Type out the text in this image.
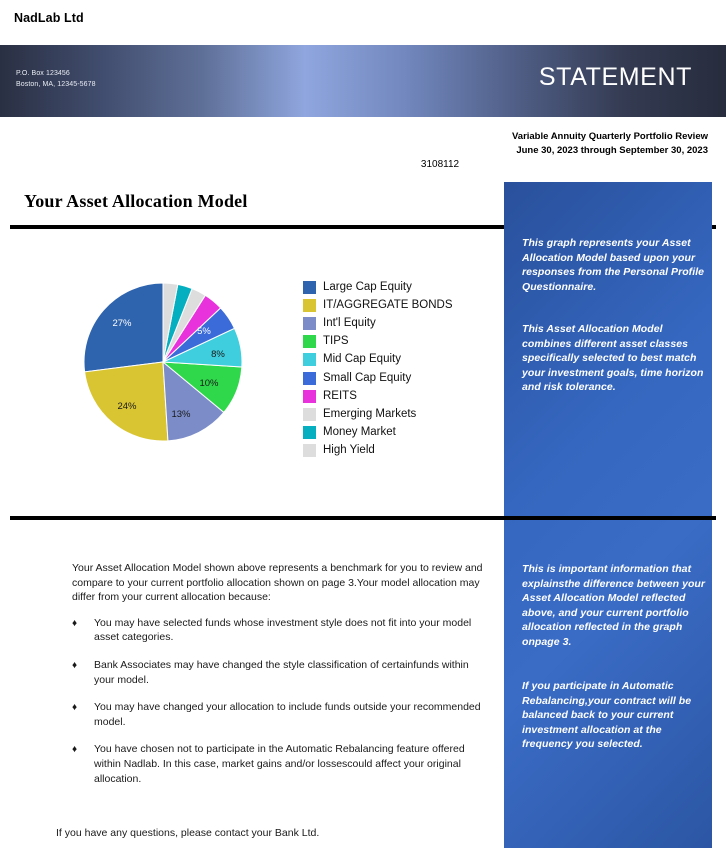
NadLab Ltd
P.O. Box 123456
Boston, MA, 12345-5678	STATEMENT
Variable Annuity Quarterly Portfolio Review
June 30, 2023 through September 30, 2023
3108112
Your Asset Allocation Model
This graph represents your Asset Allocation Model based upon your responses from the Personal Profile Questionnaire.
This Asset Allocation Model combines different asset classes specifically selected to best match your investment goals, time horizon and risk tolerance.
This is important information that explainsthe difference between your Asset Allocation Model reflected above, and your current portfolio allocation reflected in the graph onpage 3.
If you participate in Automatic Rebalancing,your contract will be balanced back to your current investment allocation at the frequency you selected.
27%
24%
13%
10%
8%
5%
Large Cap Equity
IT/AGGREGATE BONDS
Int'l Equity
TIPS
Mid Cap Equity
Small Cap Equity
REITS
Emerging Markets
Money Market
High Yield

Your Asset Allocation Model shown above represents a benchmark for you to review and compare to your current portfolio allocation shown on page 3.Your model allocation may differ from your current allocation because:

♦ You may have selected funds whose investment style does not fit into your model asset categories.
♦ Bank Associates may have changed the style classification of certainfunds within your model.
♦ You may have changed your allocation to include funds outside your recommended model.
♦ You have chosen not to participate in the Automatic Rebalancing feature offered within Nadlab. In this case, market gains and/or lossescould affect your original allocation.
If you have any questions, please contact your Bank Ltd.
